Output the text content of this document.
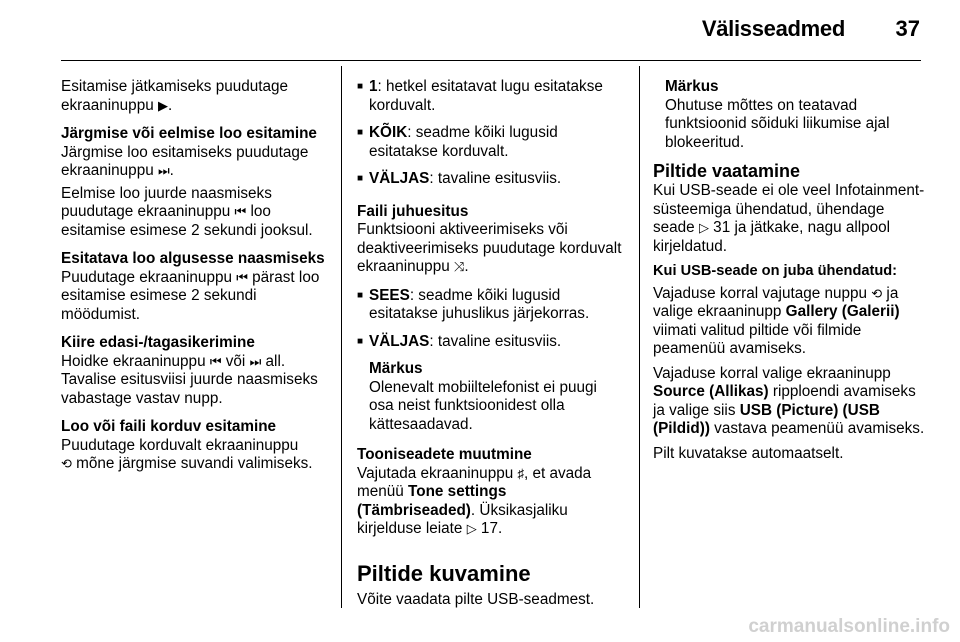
Välisseadmed 37

Esitamise jätkamiseks puudutage ekraaninuppu ▶.

Järgmise või eelmise loo esitamine

Järgmise loo esitamiseks puudutage ekraaninuppu ⏭.

Eelmise loo juurde naasmiseks puudutage ekraaninuppu ⏮ loo esitamise esimese 2 sekundi jooksul.

Esitatava loo algusesse naasmiseks

Puudutage ekraaninuppu ⏮ pärast loo esitamise esimese 2 sekundi möödumist.

Kiire edasi-/tagasikerimine

Hoidke ekraaninuppu ⏮ või ⏭ all. Tavalise esitusviisi juurde naasmiseks vabastage vastav nupp.

Loo või faili korduv esitamine

Puudutage korduvalt ekraaninuppu
⟲ mõne järgmise suvandi valimiseks.

■ 1: hetkel esitatavat lugu esitatakse korduvalt.
■ KÕIK: seadme kõiki lugusid esitatakse korduvalt.
■ VÄLJAS: tavaline esitusviis.
Faili juhuesitus

Funktsiooni aktiveerimiseks või deaktiveerimiseks puudutage korduvalt ekraaninuppu ⤨.

■ SEES: seadme kõiki lugusid esitatakse juhuslikus järjekorras.
■ VÄLJAS: tavaline esitusviis.
Märkus
Olenevalt mobiiltelefonist ei puugi osa neist funktsioonidest olla kättesaadavad.
Tooniseadete muutmine

Vajutada ekraaninuppu ♯, et avada menüü Tone settings (Tämbriseaded). Üksikasjaliku kirjelduse leiate ▷ 17.

Piltide kuvamine

Võite vaadata pilte USB-seadmest.

Märkus
Ohutuse mõttes on teatavad funktsioonid sõiduki liikumise ajal blokeeritud.
Piltide vaatamine

Kui USB-seade ei ole veel Infotainment-süsteemiga ühendatud, ühendage seade ▷ 31 ja jätkake, nagu allpool kirjeldatud.

Kui USB-seade on juba ühendatud:

Vajaduse korral vajutage nuppu ⟲ ja valige ekraaninupp Gallery (Galerii) viimati valitud piltide või filmide peamenüü avamiseks.

Vajaduse korral valige ekraaninupp Source (Allikas) ripploendi avamiseks ja valige siis USB (Picture) (USB (Pildid)) vastava peamenüü avamiseks.

Pilt kuvatakse automaatselt.

carmanualsonline.info
